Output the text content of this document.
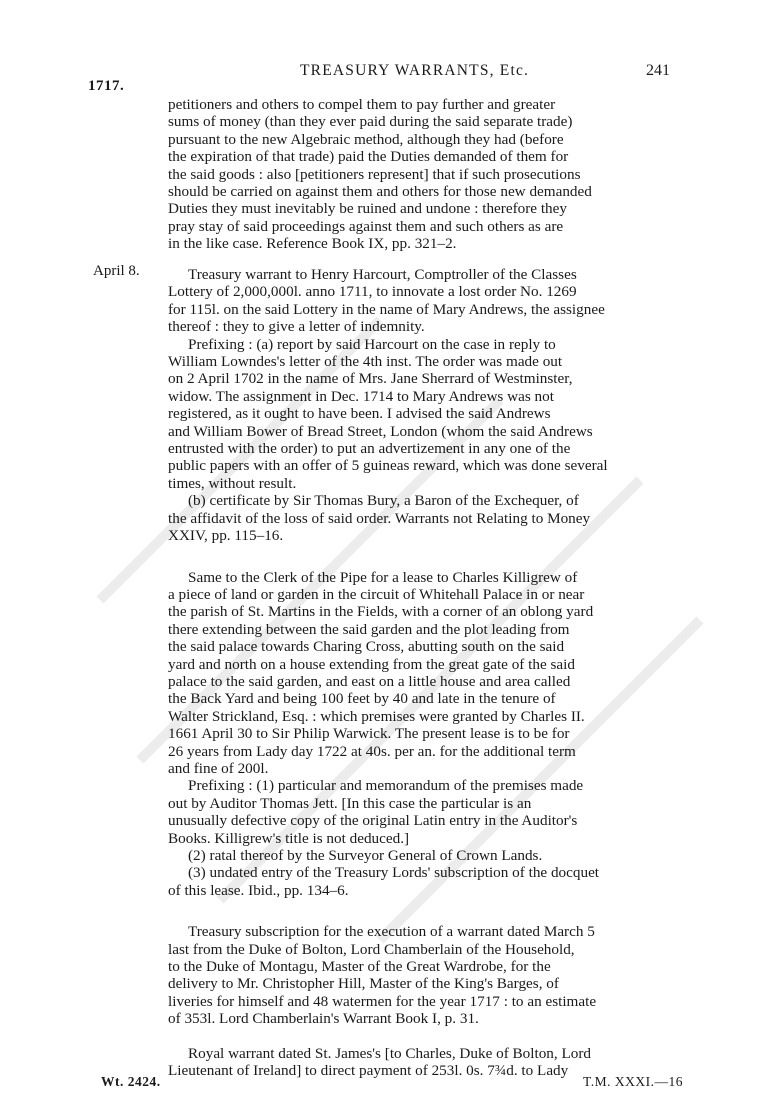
1717.
TREASURY WARRANTS, Etc.	241
April 8.
petitioners and others to compel them to pay further and greater
sums of money (than they ever paid during the said separate trade)
pursuant to the new Algebraic method, although they had (before
the expiration of that trade) paid the Duties demanded of them for
the said goods : also [petitioners represent] that if such prosecutions
should be carried on against them and others for those new demanded
Duties they must inevitably be ruined and undone : therefore they
pray stay of said proceedings against them and such others as are
in the like case. Reference Book IX, pp. 321–2.
Treasury warrant to Henry Harcourt, Comptroller of the Classes
Lottery of 2,000,000l. anno 1711, to innovate a lost order No. 1269
for 115l. on the said Lottery in the name of Mary Andrews, the assignee
thereof : they to give a letter of indemnity.
Prefixing : (a) report by said Harcourt on the case in reply to
William Lowndes's letter of the 4th inst. The order was made out
on 2 April 1702 in the name of Mrs. Jane Sherrard of Westminster,
widow. The assignment in Dec. 1714 to Mary Andrews was not
registered, as it ought to have been. I advised the said Andrews
and William Bower of Bread Street, London (whom the said Andrews
entrusted with the order) to put an advertizement in any one of the
public papers with an offer of 5 guineas reward, which was done several
times, without result.
(b) certificate by Sir Thomas Bury, a Baron of the Exchequer, of
the affidavit of the loss of said order. Warrants not Relating to Money
XXIV, pp. 115–16.
Same to the Clerk of the Pipe for a lease to Charles Killigrew of
a piece of land or garden in the circuit of Whitehall Palace in or near
the parish of St. Martins in the Fields, with a corner of an oblong yard
there extending between the said garden and the plot leading from
the said palace towards Charing Cross, abutting south on the said
yard and north on a house extending from the great gate of the said
palace to the said garden, and east on a little house and area called
the Back Yard and being 100 feet by 40 and late in the tenure of
Walter Strickland, Esq. : which premises were granted by Charles II.
1661 April 30 to Sir Philip Warwick. The present lease is to be for
26 years from Lady day 1722 at 40s. per an. for the additional term
and fine of 200l.
Prefixing : (1) particular and memorandum of the premises made
out by Auditor Thomas Jett. [In this case the particular is an
unusually defective copy of the original Latin entry in the Auditor's
Books. Killigrew's title is not deduced.]
(2) ratal thereof by the Surveyor General of Crown Lands.
(3) undated entry of the Treasury Lords' subscription of the docquet
of this lease. Ibid., pp. 134–6.
Treasury subscription for the execution of a warrant dated March 5
last from the Duke of Bolton, Lord Chamberlain of the Household,
to the Duke of Montagu, Master of the Great Wardrobe, for the
delivery to Mr. Christopher Hill, Master of the King's Barges, of
liveries for himself and 48 watermen for the year 1717 : to an estimate
of 353l. Lord Chamberlain's Warrant Book I, p. 31.
Royal warrant dated St. James's [to Charles, Duke of Bolton, Lord
Lieutenant of Ireland] to direct payment of 253l. 0s. 7¾d. to Lady
Wt. 2424.	T.M. XXXI.—16
